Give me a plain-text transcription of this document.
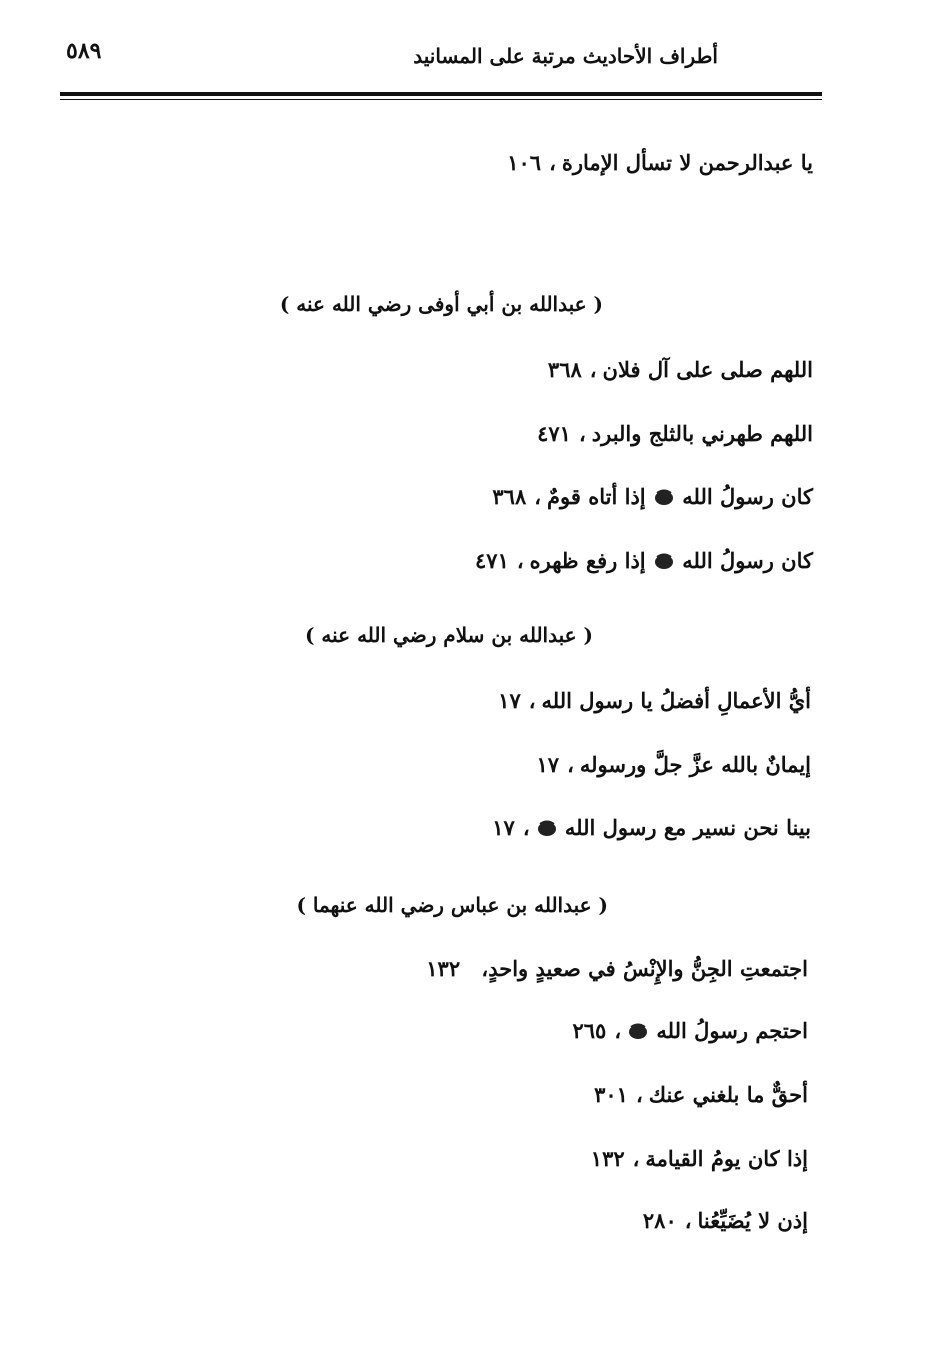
٥٨٩	أطراف الأحاديث مرتبة على المسانيد
يا عبدالرحمن لا تسأل الإمارة،١٠٦
( عبدالله بن أبي أوفى رضي الله عنه )
اللهم صلى على آل فلان،٣٦٨
اللهم طهرني بالثلج والبرد،٤٧١
كان رسولُ الله  إذا أتاه قومٌ،٣٦٨
كان رسولُ الله  إذا رفع ظهره،٤٧١
( عبدالله بن سلام رضي الله عنه )
أيُّ الأعمالِ أفضلُ يا رسول الله،١٧
إيمانٌ بالله عزَّ جلَّ ورسوله،١٧
بينا نحن نسير مع رسول الله ،١٧
( عبدالله بن عباس رضي الله عنهما )
اجتمعتِ الجِنُّ والإِنْسُ في صعيدٍ واحدٍ، ١٣٢
احتجم رسولُ الله ،٢٦٥
أحقٌّ ما بلغني عنك،٣٠١
إذا كان يومُ القيامة،١٣٢
إذن لا يُضَيِّعُنا،٢٨٠
